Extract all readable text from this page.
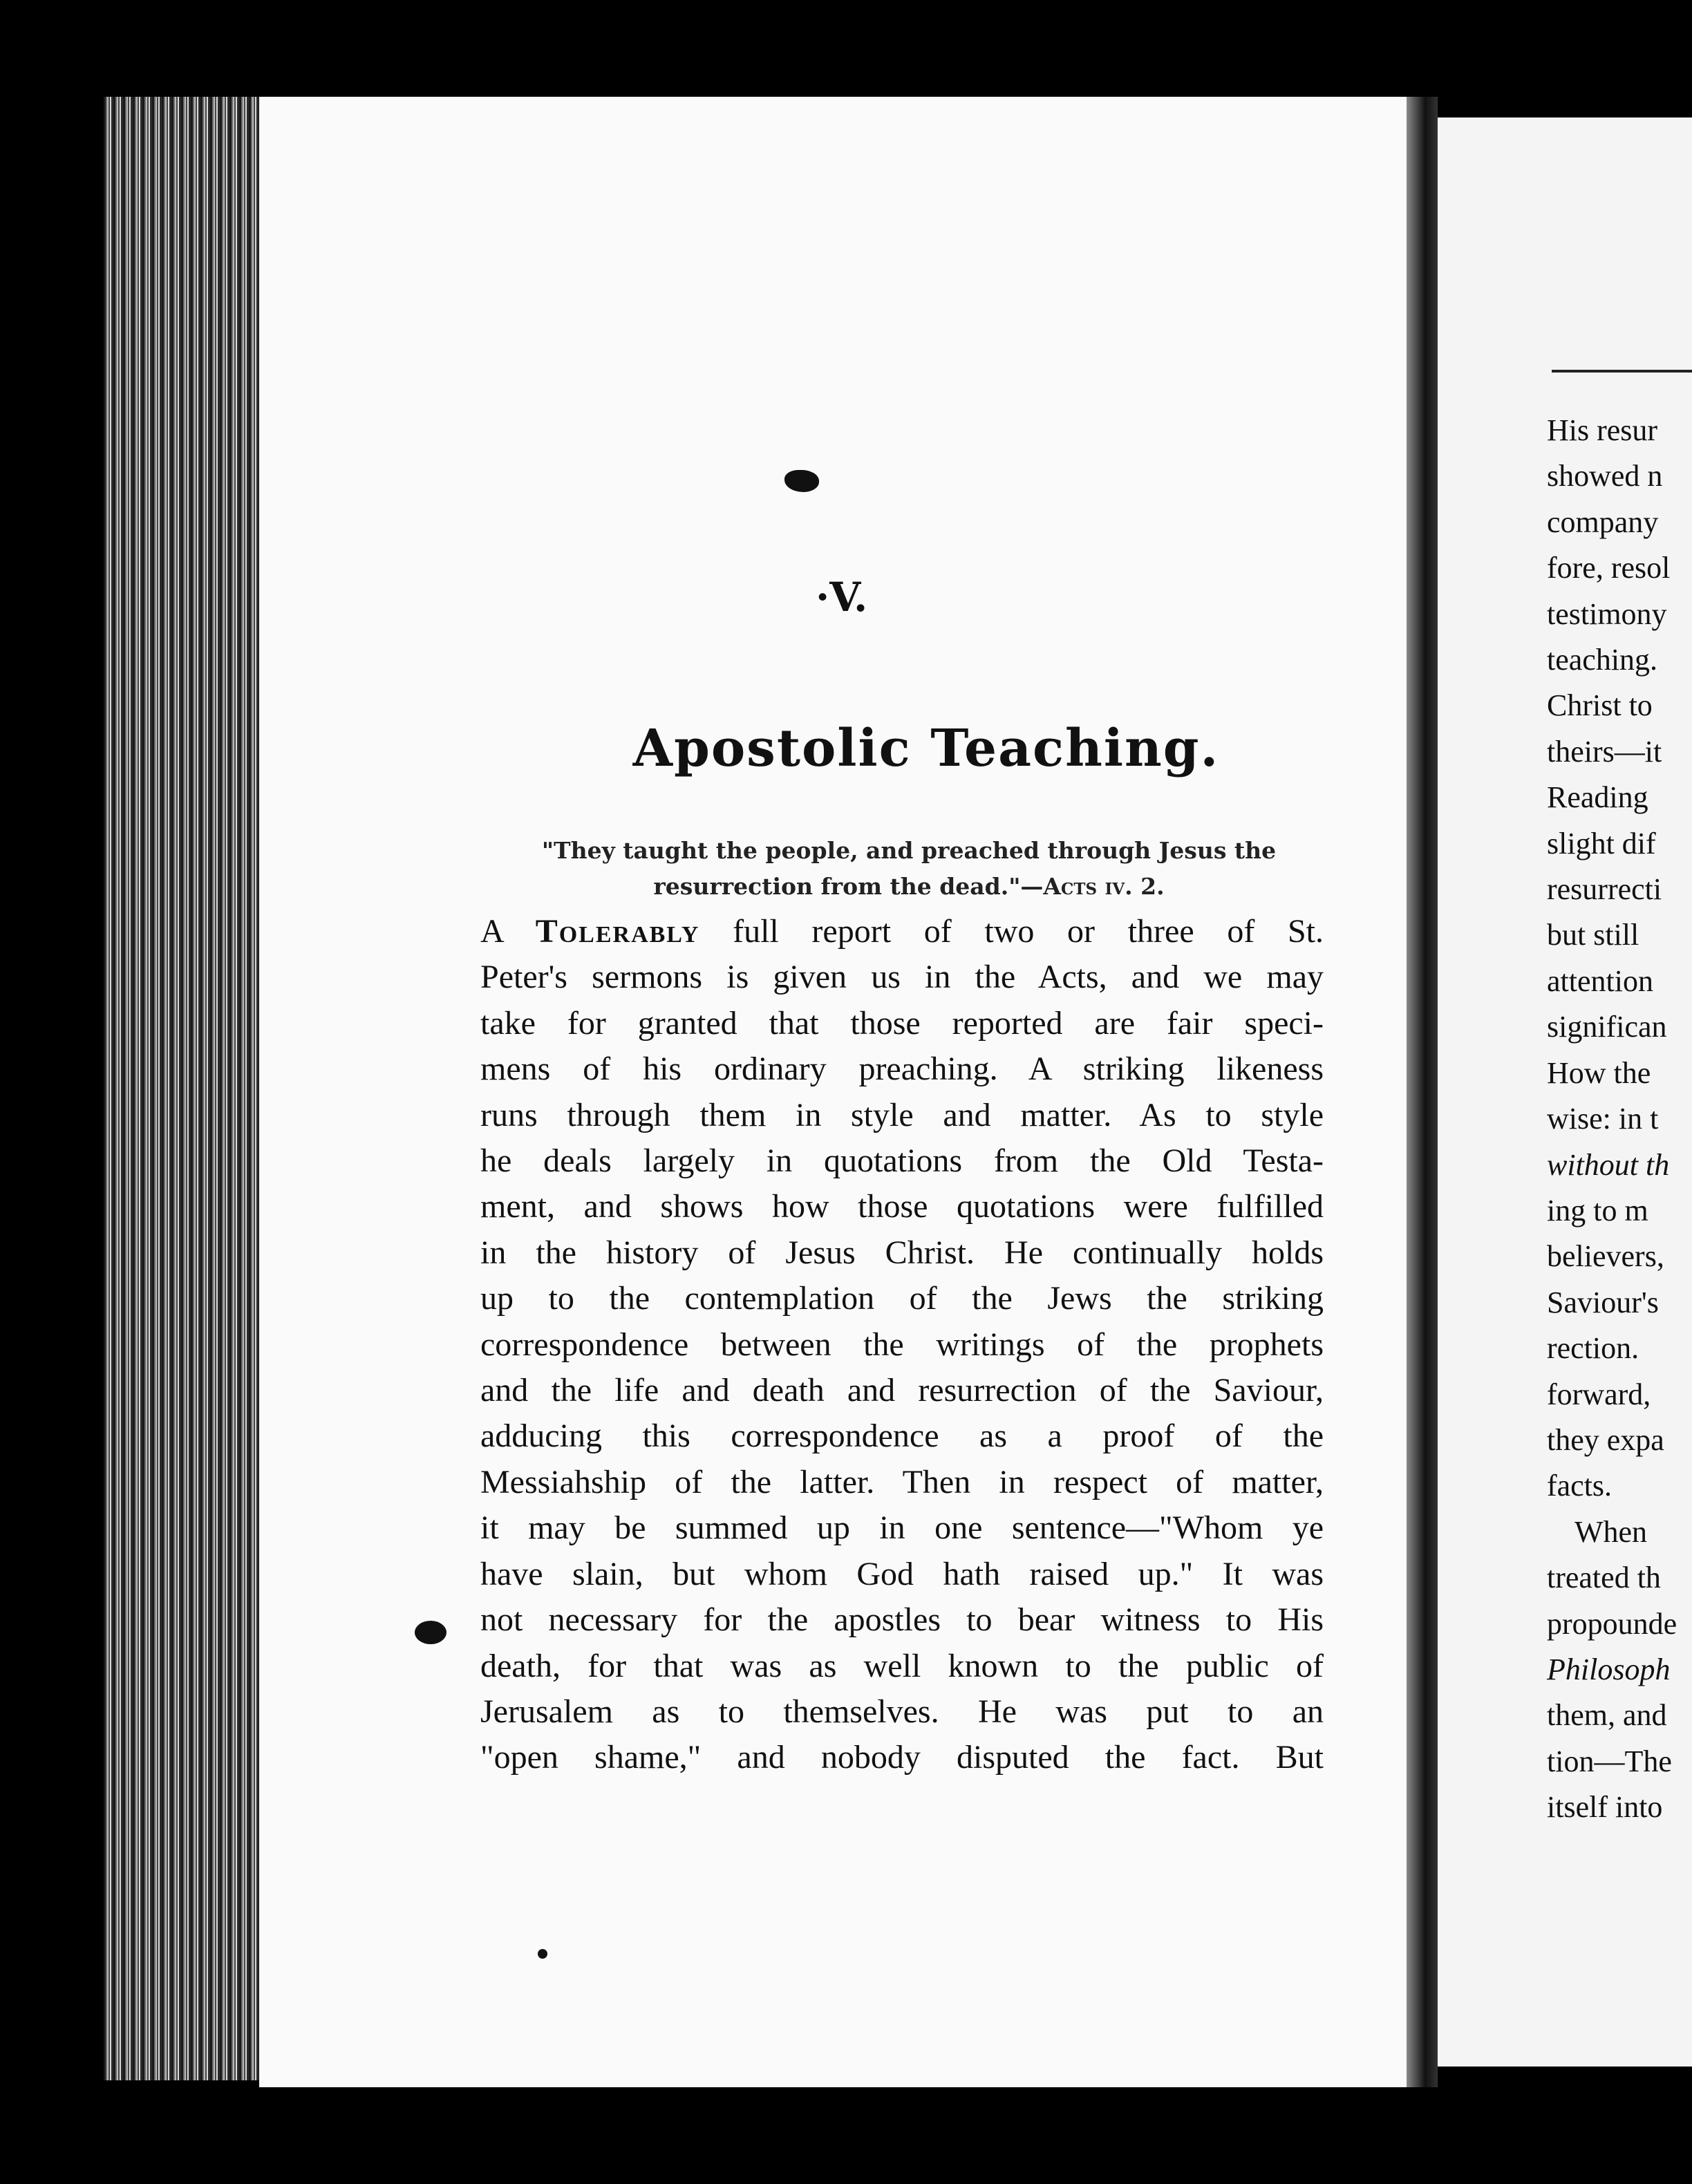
·V.
Apostolic Teaching.
"They taught the people, and preached through Jesus the resurrection from the dead."—Acts iv. 2.
A Tolerably full report of two or three of St.
Peter's sermons is given us in the Acts, and we may
take for granted that those reported are fair speci-
mens of his ordinary preaching. A striking likeness
runs through them in style and matter. As to style
he deals largely in quotations from the Old Testa-
ment, and shows how those quotations were fulfilled
in the history of Jesus Christ. He continually holds
up to the contemplation of the Jews the striking
correspondence between the writings of the prophets
and the life and death and resurrection of the Saviour,
adducing this correspondence as a proof of the
Messiahship of the latter. Then in respect of matter,
it may be summed up in one sentence—"Whom ye
have slain, but whom God hath raised up." It was
not necessary for the apostles to bear witness to His
death, for that was as well known to the public of
Jerusalem as to themselves. He was put to an
"open shame," and nobody disputed the fact. But
His resur
showed n
company
fore, resol
testimony
teaching.
Christ to
theirs—it
Reading
slight dif
resurrecti
but still
attention
significan
How the
wise: in t
without th
ing to m
believers,
Saviour's
rection.
forward,
they expa
facts.
When
treated th
propounde
Philosoph
them, and
tion—The
itself into
